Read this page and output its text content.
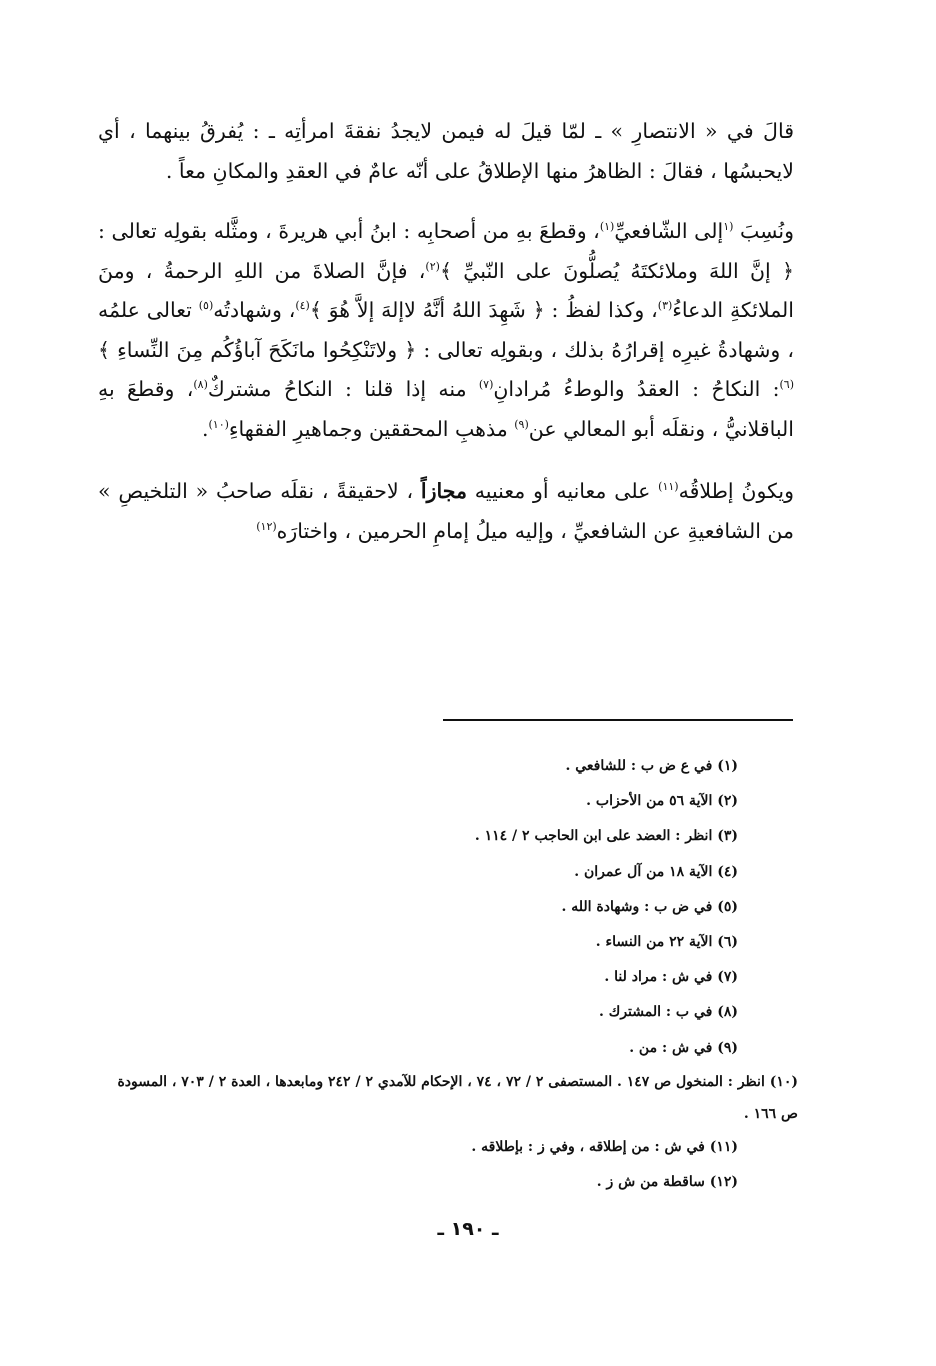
قالَ في « الانتصارِ » ـ لمّا قيلَ له فيمن لايجدُ نفقةَ امرأتِه ـ : يُفرقُ بينهما ، أي لايحبسُها ، فقالَ : الظاهرُ منها الإطلاقُ على أنّه عامٌ في العقدِ والمكانِ معاً .

ونُسِبَ $^{(١}$إلى الشّافعيِّ$^{(١)}$، وقطعَ بهِ من أصحابِه : ابنُ أبي هريرةَ ، ومثَّله بقولِه تعالى : ﴿ إنَّ اللهَ وملائكتَهُ يُصلُّونَ على النّبيِّ ﴾$^{(٢)}$، فإنَّ الصلاةَ من اللهِ الرحمةُ ، ومنَ الملائكةِ الدعاءُ$^{(٣)}$، وكذا لفظُ : ﴿ شَهِدَ اللهُ أنَّهُ لاإلهَ إلاَّ هُوَ ﴾$^{(٤)}$، وشهادتُه$^{(٥)}$ تعالى علمُه ، وشهادةُ غيرِه إقرارُهُ بذلك ، وبقولِه تعالى : ﴿ ولاتَنْكِحُوا مانَكَحَ آباؤُكُم مِنَ النِّساءِ ﴾$^{(٦)}$: النكاحُ : العقدُ والوطءُ مُرادانِ$^{(٧)}$ منه إذا قلنا : النكاحُ مشتركٌ$^{(٨)}$، وقطعَ بهِ الباقلانيُّ ، ونقلَه أبو المعالي عن$^{(٩)}$ مذهبِ المحققين وجماهيرِ الفقهاءِ$^{(١٠)}$.

ويكونُ إطلاقُه$^{(١١)}$ على معانيه أو معنييه مجازاً ، لاحقيقةً ، نقلَه صاحبُ « التلخيصِ » من الشافعيةِ عن الشافعيِّ ، وإليه ميلُ إمامِ الحرمين ، واختارَه$^{(١٢)}$

(١) في ع ض ب : للشافعي .

(٢) الآية ٥٦ من الأحزاب .

(٣) انظر : العضد على ابن الحاجب ٢ / ١١٤ .

(٤) الآية ١٨ من آل عمران .

(٥) في ض ب : وشهادة الله .

(٦) الآية ٢٢ من النساء .

(٧) في ش : مراد لنا .

(٨) في ب : المشترك .

(٩) في ش : من .

(١٠) انظر : المنخول ص ١٤٧ . المستصفى ٢ / ٧٢ ، ٧٤ ، الإحكام للآمدي ٢ / ٢٤٢ ومابعدها ، العدة ٢ / ٧٠٣ ، المسودة ص ١٦٦ .

(١١) في ش : من إطلاقه ، وفي ز : بإطلاقه .

(١٢) ساقطة من ش ز .

ـ ١٩٠ ـ
